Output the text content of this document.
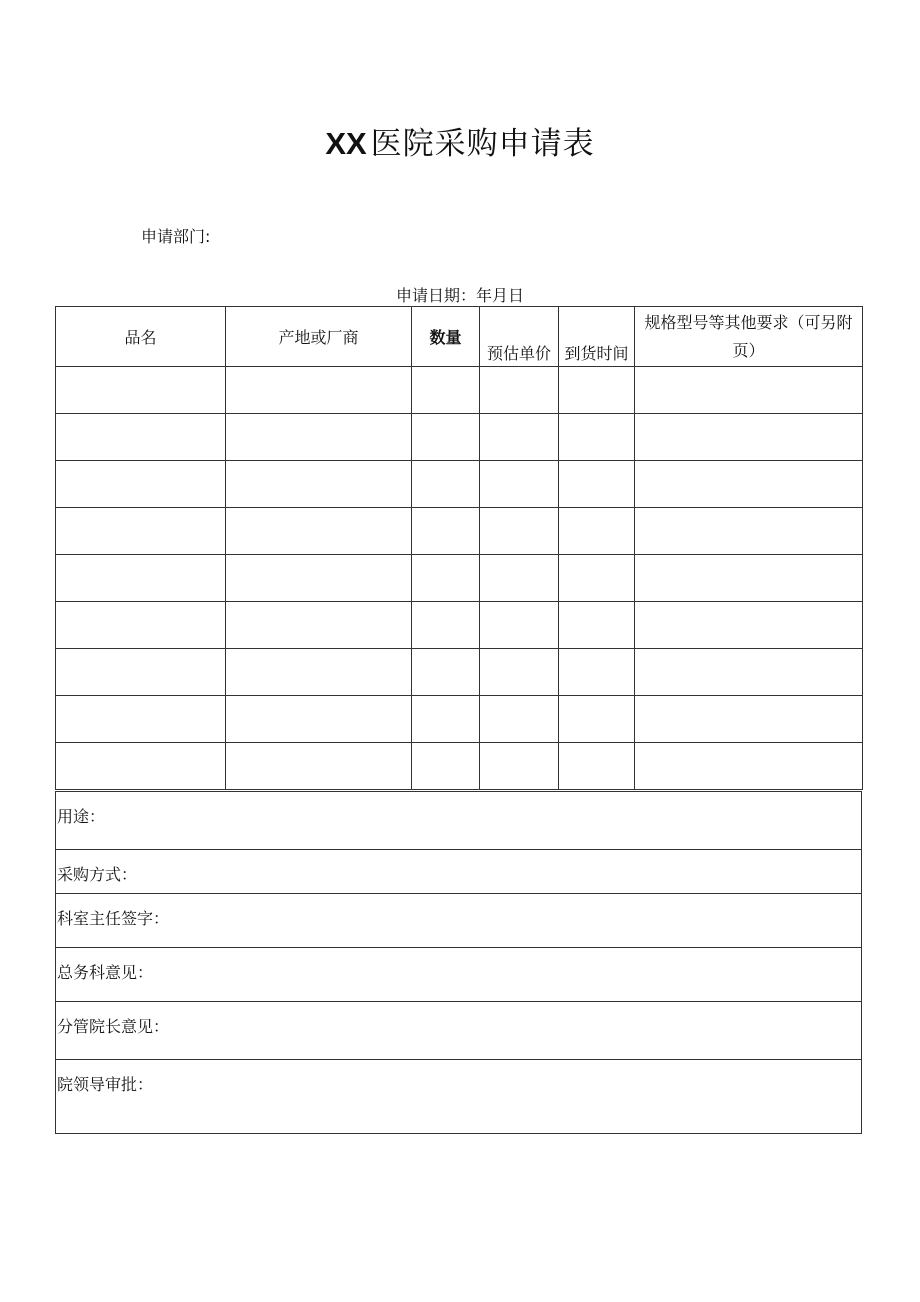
XX 医院采购申请表
申请部门:
申请日期：年月日
品名	产地或厂商	数量	预估单价	到货时间	规格型号等其他要求（可另附页）

用途：
采购方式：
科室主任签字：
总务科意见：
分管院长意见：
院领导审批：
